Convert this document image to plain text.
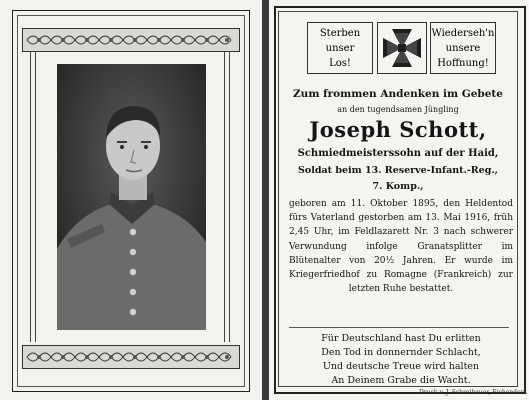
Sterben
unser
Los!
Wiederseh'n
unsere
Hoffnung!
Zum frommen Andenken im Gebete
an den tugendsamen Jüngling
Joseph Schott,
Schmiedmeisterssohn auf der Haid,
Soldat beim 13. Reserve-Infant.-Reg.,
7. Komp.,
geboren am 11. Oktober 1895, den Heldentod fürs Vaterland gestorben am 13. Mai 1916, früh 2,45 Uhr, im Feldlazarett Nr. 3 nach schwerer Verwundung infolge Granatsplitter im Blütenalter von 20½ Jahren. Er wurde im Kriegerfriedhof zu Romagne (Frankreich) zur letzten Ruhe bestattet.
Für Deutschland hast Du erlitten
Den Tod in donnernder Schlacht,
Und deutsche Treue wird halten
An Deinem Grabe die Wacht.
Druck v. J. Schreibauer, Eichendorf.
